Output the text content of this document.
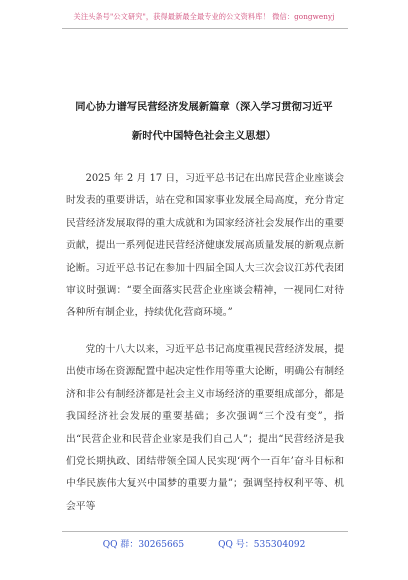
关注头条号"公文研究"，获得最新最全最专业的公文资料库！ 微信：gongwenyj
同心协力谱写民营经济发展新篇章（深入学习贯彻习近平
新时代中国特色社会主义思想）
2025 年 2 月 17 日，习近平总书记在出席民营企业座谈会时发表的重要讲话，站在党和国家事业发展全局高度，充分肯定民营经济发展取得的重大成就和为国家经济社会发展作出的重要贡献，提出一系列促进民营经济健康发展高质量发展的新观点新论断。习近平总书记在参加十四届全国人大三次会议江苏代表团审议时强调：“要全面落实民营企业座谈会精神，一视同仁对待各种所有制企业，持续优化营商环境。”
党的十八大以来，习近平总书记高度重视民营经济发展，提出使市场在资源配置中起决定性作用等重大论断，明确公有制经济和非公有制经济都是社会主义市场经济的重要组成部分，都是我国经济社会发展的重要基础；多次强调“三个没有变”，指出“民营企业和民营企业家是我们自己人”；提出“民营经济是我们党长期执政、团结带领全国人民实现‘两个一百年’奋斗目标和中华民族伟大复兴中国梦的重要力量”；强调坚持权利平等、机会平等
QQ 群：30265665	QQ 号：535304092
